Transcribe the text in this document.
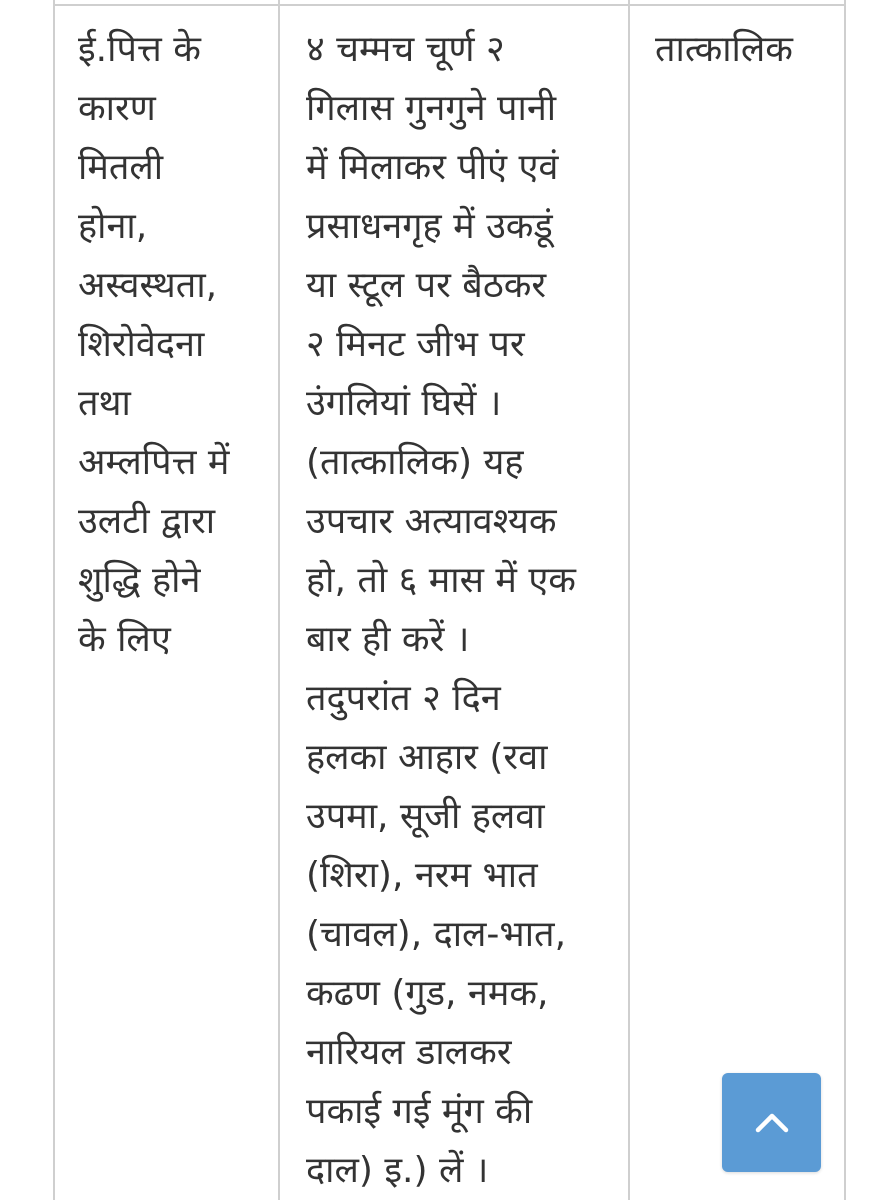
ई.पित्त के
कारण
मितली
होना,
अस्वस्थता,
शिरोवेदना
तथा
अम्लपित्त में
उलटी द्वारा
शुद्धि होने
के लिए
४ चम्मच चूर्ण २
गिलास गुनगुने पानी
में मिलाकर पीएं एवं
प्रसाधनगृह में उकडूं
या स्टूल पर बैठकर
२ मिनट जीभ पर
उंगलियां घिसें ।
(तात्कालिक) यह
उपचार अत्यावश्यक
हो, तो ६ मास में एक
बार ही करें ।
तदुपरांत २ दिन
हलका आहार (रवा
उपमा, सूजी हलवा
(शिरा), नरम भात
(चावल), दाल-भात,
कढण (गुड, नमक,
नारियल डालकर
पकाई गई मूंग की
दाल) इ.) लें ।
तात्कालिक
